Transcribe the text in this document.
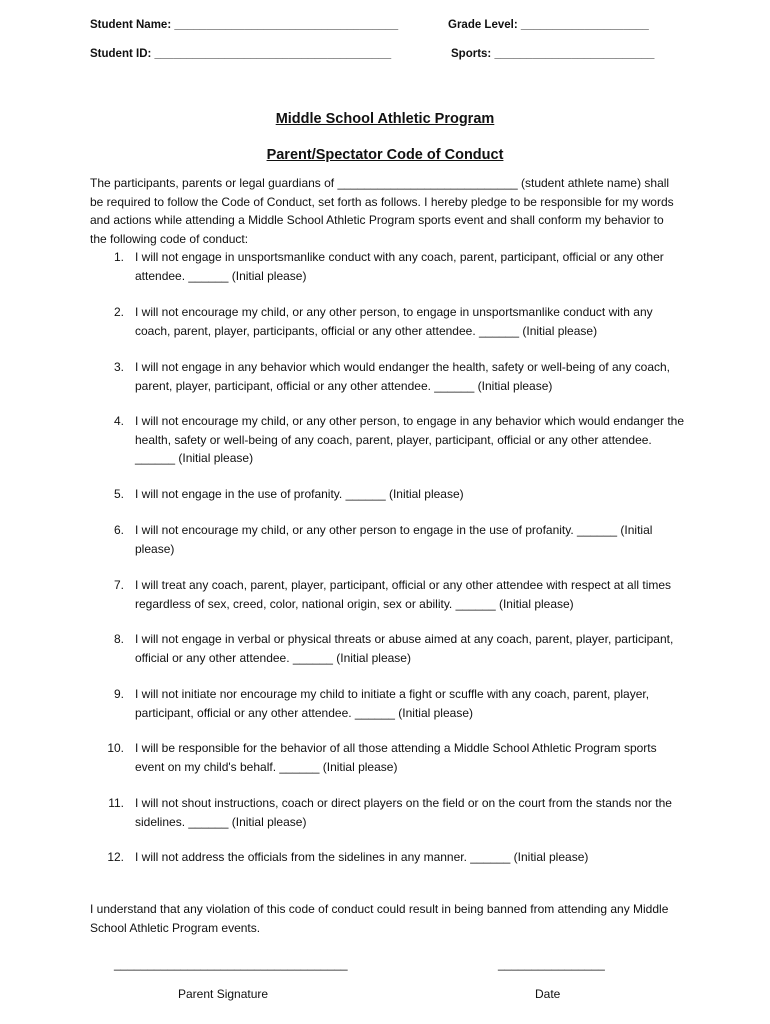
Student Name: ___________________________________	Grade Level: ____________________
Student ID: _____________________________________	Sports: _________________________
Middle School Athletic Program
Parent/Spectator Code of Conduct
The participants, parents or legal guardians of ___________________________ (student athlete name) shall be required to follow the Code of Conduct, set forth as follows. I hereby pledge to be responsible for my words and actions while attending a Middle School Athletic Program sports event and shall conform my behavior to the following code of conduct:
1. I will not engage in unsportsmanlike conduct with any coach, parent, participant, official or any other attendee. ______ (Initial please)
2. I will not encourage my child, or any other person, to engage in unsportsmanlike conduct with any coach, parent, player, participants, official or any other attendee. ______ (Initial please)
3. I will not engage in any behavior which would endanger the health, safety or well-being of any coach, parent, player, participant, official or any other attendee. ______ (Initial please)
4. I will not encourage my child, or any other person, to engage in any behavior which would endanger the health, safety or well-being of any coach, parent, player, participant, official or any other attendee. ______ (Initial please)
5. I will not engage in the use of profanity. ______ (Initial please)
6. I will not encourage my child, or any other person to engage in the use of profanity. ______ (Initial please)
7. I will treat any coach, parent, player, participant, official or any other attendee with respect at all times regardless of sex, creed, color, national origin, sex or ability. ______ (Initial please)
8. I will not engage in verbal or physical threats or abuse aimed at any coach, parent, player, participant, official or any other attendee. ______ (Initial please)
9. I will not initiate nor encourage my child to initiate a fight or scuffle with any coach, parent, player, participant, official or any other attendee. ______ (Initial please)
10. I will be responsible for the behavior of all those attending a Middle School Athletic Program sports event on my child's behalf. ______ (Initial please)
11. I will not shout instructions, coach or direct players on the field or on the court from the stands nor the sidelines. ______ (Initial please)
12. I will not address the officials from the sidelines in any manner. ______ (Initial please)
I understand that any violation of this code of conduct could result in being banned from attending any Middle School Athletic Program events.
___________________________________	________________
Parent Signature	Date
